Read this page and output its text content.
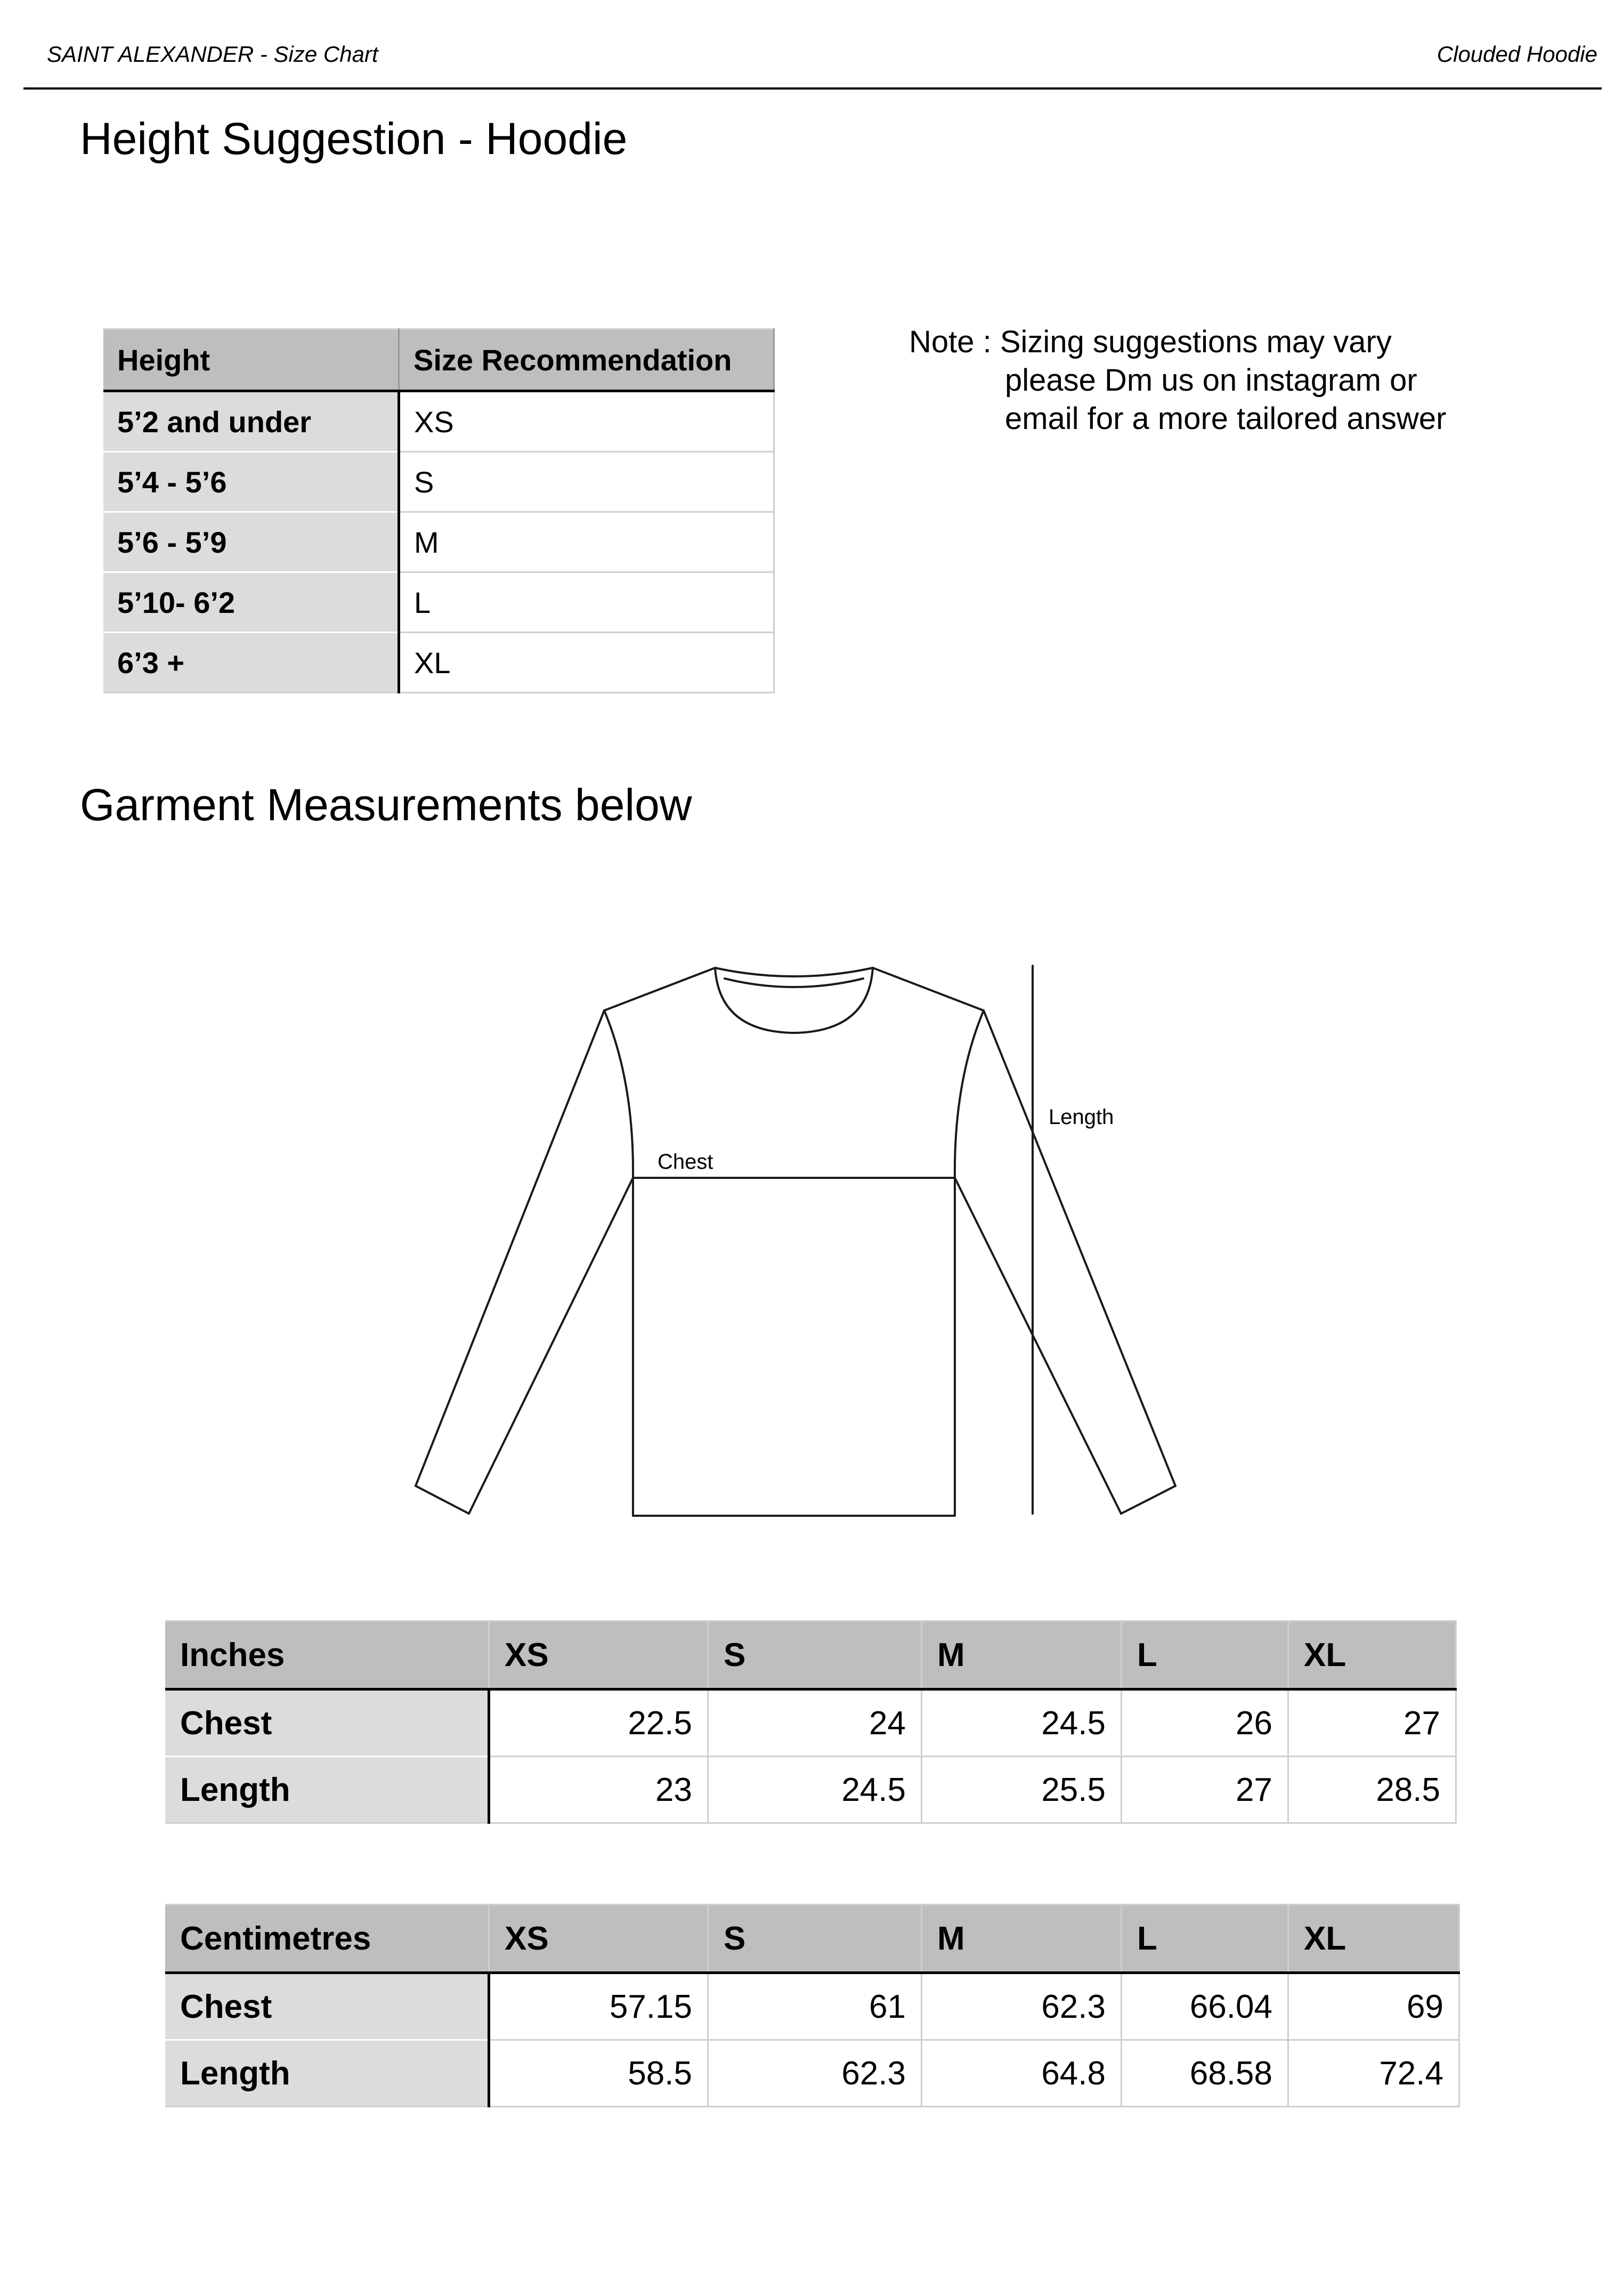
SAINT ALEXANDER - Size Chart	Clouded Hoodie
Height Suggestion - Hoodie
Height	Size Recommendation
5’2 and under	XS
5’4 - 5’6	S
5’6 - 5’9	M
5’10- 6’2	L
6’3 +	XL
Note : Sizing suggestions may vary
please Dm us on instagram or
email for a more tailored answer
Garment Measurements below
Chest
Length
Inches	XS	S	M	L	XL
Chest	22.5	24	24.5	26	27
Length	23	24.5	25.5	27	28.5
Centimetres	XS	S	M	L	XL
Chest	57.15	61	62.3	66.04	69
Length	58.5	62.3	64.8	68.58	72.4
